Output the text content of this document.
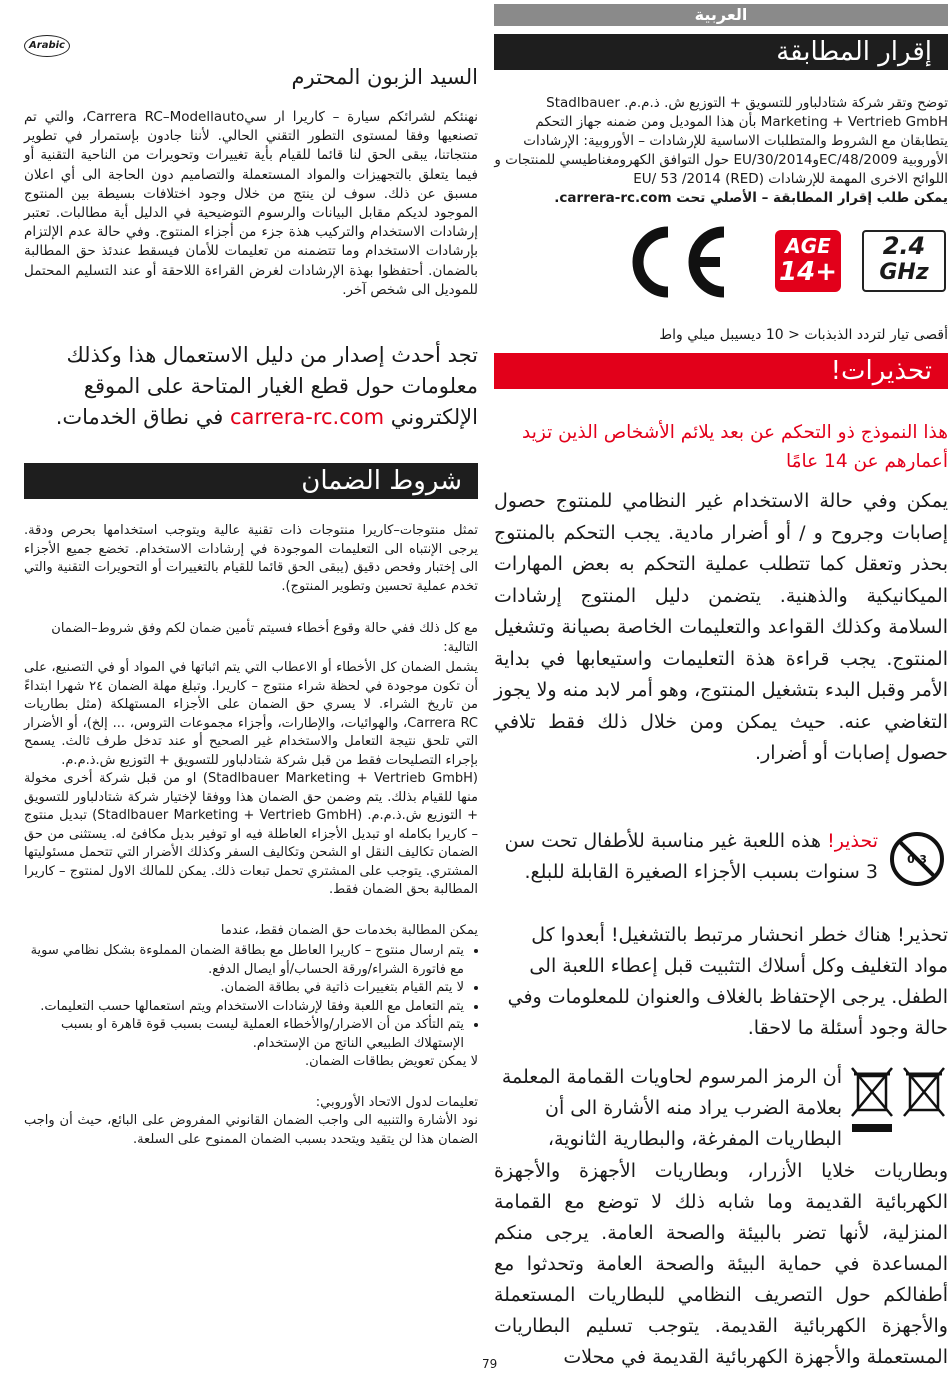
العربية
Arabic	إقرار المطابقة
توضح وتقر شركة شتادلباور للتسويق + التوزيع ش. ذ.م.م. Stadlbauer
Marketing + Vertrieb GmbH بأن هذا الموديل ومن ضمنه جهاز التحكم
يتطابقان مع الشروط والمتطلبات الاساسية للإرشادات – الأوروبية: الإرشادات
الأوروبية EC/48/2009وEU/30/2014 حول التوافق الكهرومغناطيسي للمنتجات و
اللوائح الاخرى المهمة للإرشادات (RED) EU/ 53 /2014
يمكن طلب إقرار المطابقة – الأصلي تحت carrera-rc.com.
AGE
14+
2.4
GHz
أقصى تيار لتردد الذبذبات < 10 ديسيبل ميلي واط
تحذيرات!
هذا النموذج ذو التحكم عن بعد يلائم الأشخاص الذين تزيد أعمارهم عن 14 عامًا
يمكن وفي حالة الاستخدام غير النظامي للمنتوج حصول إصابات وجروح و / أو أضرار مادية. يجب التحكم بالمنتوج بحذر وتعقل كما تتطلب عملية التحكم به بعض المهارات الميكانيكية والذهنية. يتضمن دليل المنتوج إرشادات السلامة وكذلك القواعد والتعليمات الخاصة بصيانة وتشغيل المنتوج. يجب قراءة هذة التعليمات واستيعابها في بداية الأمر وقبل البدء بتشغيل المنتوج، وهو أمر لابد منه ولا يجوز التغاضي عنه. حيث يمكن ومن خلال ذلك فقط تلافي حصول إصابات أو أضرار.
0-3
تحذير! هذه اللعبة غير مناسبة للأطفال تحت سن 3 سنوات بسبب الأجزاء الصغيرة القابلة للبلع.
تحذير! هناك خطر انحشار مرتبط بالتشغيل! أبعدوا كل مواد التغليف وكل أسلاك التثبيت قبل إعطاء اللعبة الى الطفل. يرجى الإحتفاظ بالغلاف والعنوان للمعلومات وفي حالة وجود أسئلة ما لاحقا.
أن الرمز المرسوم لحاويات القمامة المعلمة بعلامة الضرب يراد منه الأشارة الى أن البطاريات المفرغة، والبطارية الثانوية،
وبطاريات خلايا الأزرار، وبطاريات الأجهزة والأجهزة الكهربائية القديمة وما شابه ذلك لا توضع مع القمامة المنزلية، لأنها تضر بالبيئة والصحة العامة. يرجى منكم المساعدة في حماية البيئة والصحة العامة وتحدثوا مع أطفالكم حول التصريف النظامي للبطاريات المستعملة والأجهزة الكهربائية القديمة. يتوجب تسليم البطاريات المستعملة والأجهزة الكهربائية القديمة في محلات
السيد الزبون المحترم
نهنئكم لشرائكم سيارة – كاريرا ار سيCarrera RC–Modellauto، والتي تم تصنعيها وفقا لمستوى التطور التقني الحالي. لأننا جادون بإستمرار في تطوير منتجاتنا، يبقى الحق لنا قائما للقيام بأية تغييرات وتحويرات من الناحية التقنية أو فيما يتعلق بالتجهيزات والمواد المستعملة والتصاميم دون الحاجة الى أي اعلان مسبق عن ذلك. سوف لن ينتج من خلال وجود اختلافات بسيطة بين المنتوج الموجود لديكم مقابل البيانات والرسوم التوضيحية في الدليل أية مطالبات. تعتبر إرشادات الاستخدام والتركيب هذة جزء من أجزاء المنتوج. وفي حالة عدم الإلتزام بإرشادات الاستخدام وما تتضمنه من تعليمات للأمان فيسقط عندئذ حق المطالبة بالضمان. أحتفظوا بهذة الإرشادات لغرض القراءة اللاحقة أو عند التسليم المحتمل للموديل الى شخص آخر.
تجد أحدث إصدار من دليل الاستعمال هذا وكذلك معلومات حول قطع الغيار المتاحة على الموقع الإلكتروني carrera-rc.com في نطاق الخدمات.
شروط الضمان

تمثل منتوجات–كاريرا منتوجات ذات تقنية عالية ويتوجب استخدامها بحرص ودقة. يرجى الإنتباه الى التعليمات الموجودة في إرشادات الاستخدام. تخضع جميع الأجزاء الى إختبار وفحص دقيق (يبقى الحق قائما للقيام بالتغييرات أو التحويرات التقنية والتي تخدم عملية تحسين وتطوير المنتوج).

مع كل ذلك ففي حالة وقوع أخطاء فسيتم تأمين ضمان لكم وفق شروط–الضمان التالية:

يشمل الضمان كل الأخطاء أو الاعطاب التي يتم اثباتها في المواد أو في التصنيع، على أن تكون موجودة في لحظة شراء منتوج – كاريرا. وتبلغ مهلة الضمان ٢٤ شهرا ابتداءً من تاريخ الشراء. لا يسري حق الضمان على الأجزاء المستهلكة (مثل بطاريات Carrera RC، والهوائيات، والإطارات، وأجزاء مجموعات التروس، ... إلخ)، أو الأضرار التي تلحق نتيجة التعامل والاستخدام غير الصحيح أو عند تدخل طرف ثالث. يسمح بإجراء التصليحات فقط من قبل شركة شتادلباور للتسويق + التوزيع ش.ذ.م.م.

(Stadlbauer Marketing + Vertrieb GmbH) او من قبل شركة أخرى مخولة منها للقيام بذلك. يتم وضمن حق الضمان هذا ووفقا لإختيار شركة شتادلباور للتسويق + التوزيع ش.ذ.م.م. (Stadlbauer Marketing + Vertrieb GmbH) تبديل منتوج – كاريرا بكامله او تبديل الأجزاء العاطلة فيه او توفير بديل مكافئ له. يستثنى من حق الضمان تكاليف النقل او الشحن وتكاليف السفر وكذلك الأضرار التي تتحمل مسئوليتها المشتري. يتوجب على المشتري تحمل تبعات ذلك. يمكن للمالك الاول لمنتوج – كاريرا المطالبة بحق الضمان فقط.

يمكن المطالبة بخدمات حق الضمان فقط، عندما

• يتم ارسال منتوج – كاريرا العاطل مع بطاقة الضمان المملوءة بشكل نظامي سوية مع فاتورة الشراء/ورقة الحساب/أو ايصال الدفع.
• لا يتم القيام بتغييرات ذاتية في بطاقة الضمان.
• يتم التعامل مع اللعبة وفقا لإرشادات الاستخدام ويتم استعمالها حسب التعليمات.
• يتم التأكد من أن الاضرار/والأخطاء العملية ليست بسبب قوة قاهرة او بسبب الإستهلاك الطبيعي الناتج من الإستخدام.

لا يمكن تعويض بطاقات الضمان.

تعليمات لدول الاتحاد الأوروبي:

نود الأشارة والتنبيه الى واجب الضمان القانوني المفروض على البائع، حيث أن واجب الضمان هذا لن يتقيد ويتحدد بسبب الضمان الممنوح على السلعة.

79
